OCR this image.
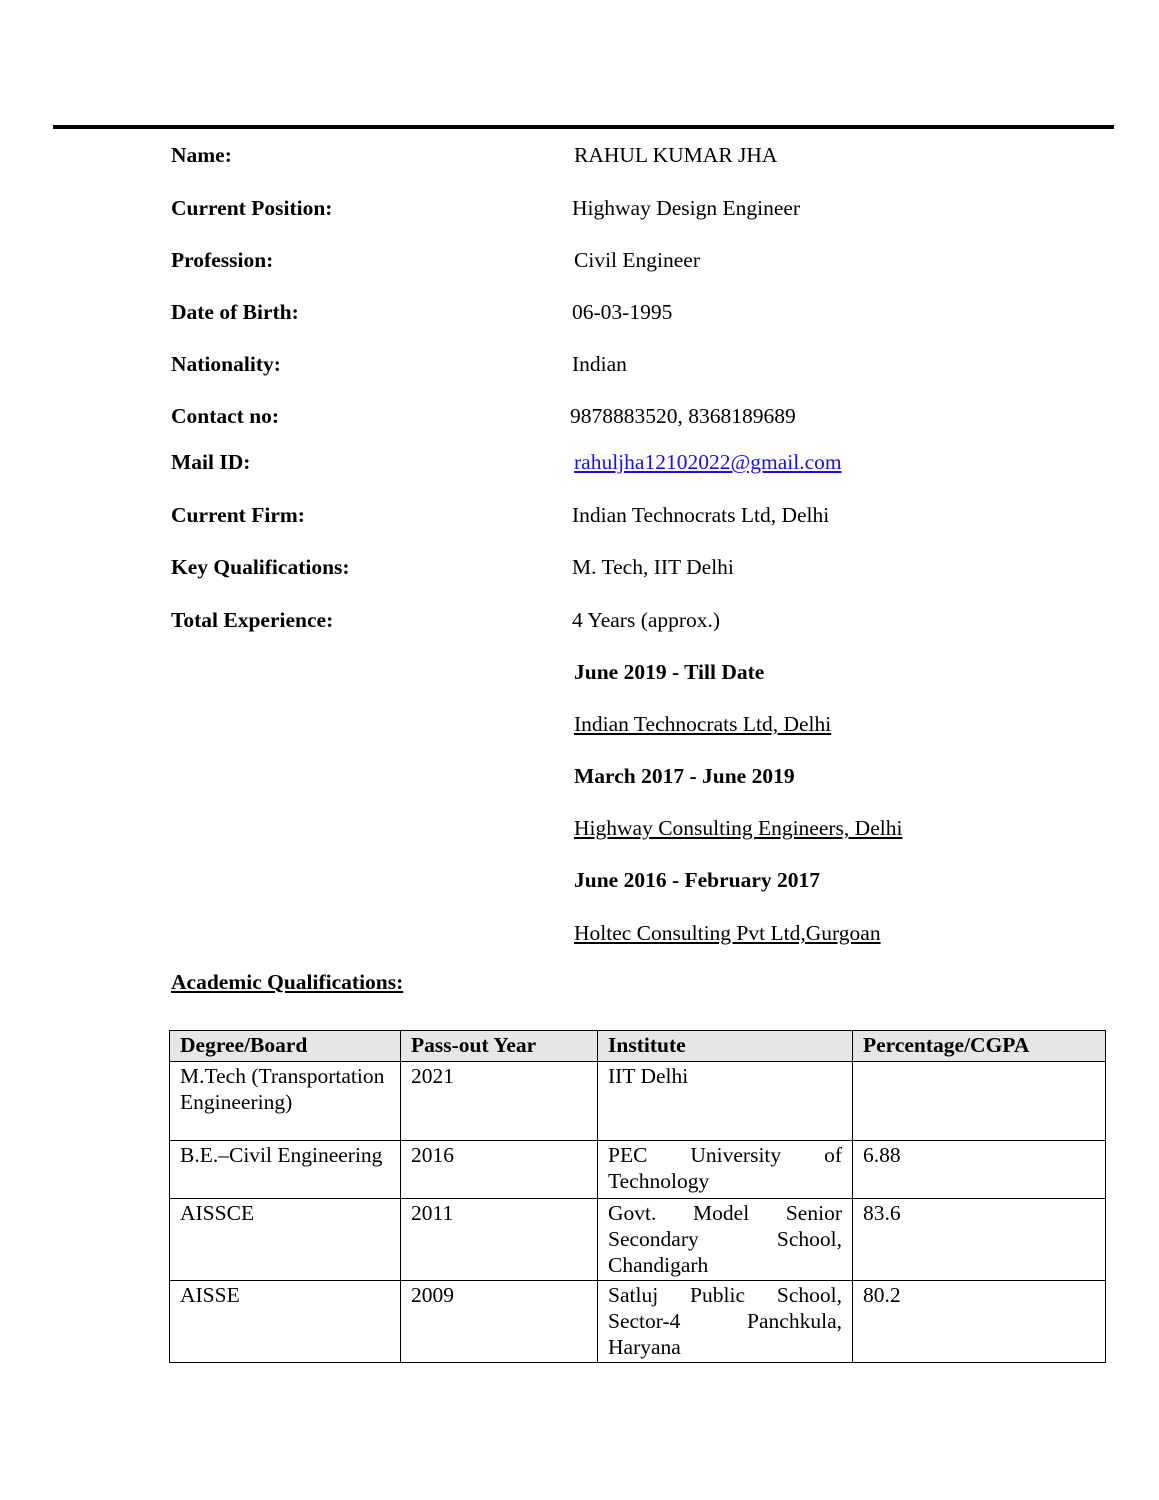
Name:	RAHUL KUMAR JHA
Current Position:	Highway Design Engineer
Profession:	Civil Engineer
Date of Birth:	06-03-1995
Nationality:	Indian
Contact no:	9878883520, 8368189689
Mail ID:	rahuljha12102022@gmail.com
Current Firm:	Indian Technocrats Ltd, Delhi
Key Qualifications:	M. Tech, IIT Delhi
Total Experience:	4 Years (approx.)
June 2019 - Till Date
Indian Technocrats Ltd, Delhi
March 2017 - June 2019
Highway Consulting Engineers, Delhi
June 2016 - February 2017
Holtec Consulting Pvt Ltd,Gurgoan
Academic Qualifications:
Degree/Board	Pass-out Year	Institute	Percentage/CGPA
M.Tech (Transportation Engineering)	2021	IIT Delhi	
B.E.–Civil Engineering	2016	PEC University of Technology	6.88
AISSCE	2011	Govt. Model Senior Secondary School, Chandigarh	83.6
AISSE	2009	Satluj Public School, Sector-4 Panchkula, Haryana	80.2
